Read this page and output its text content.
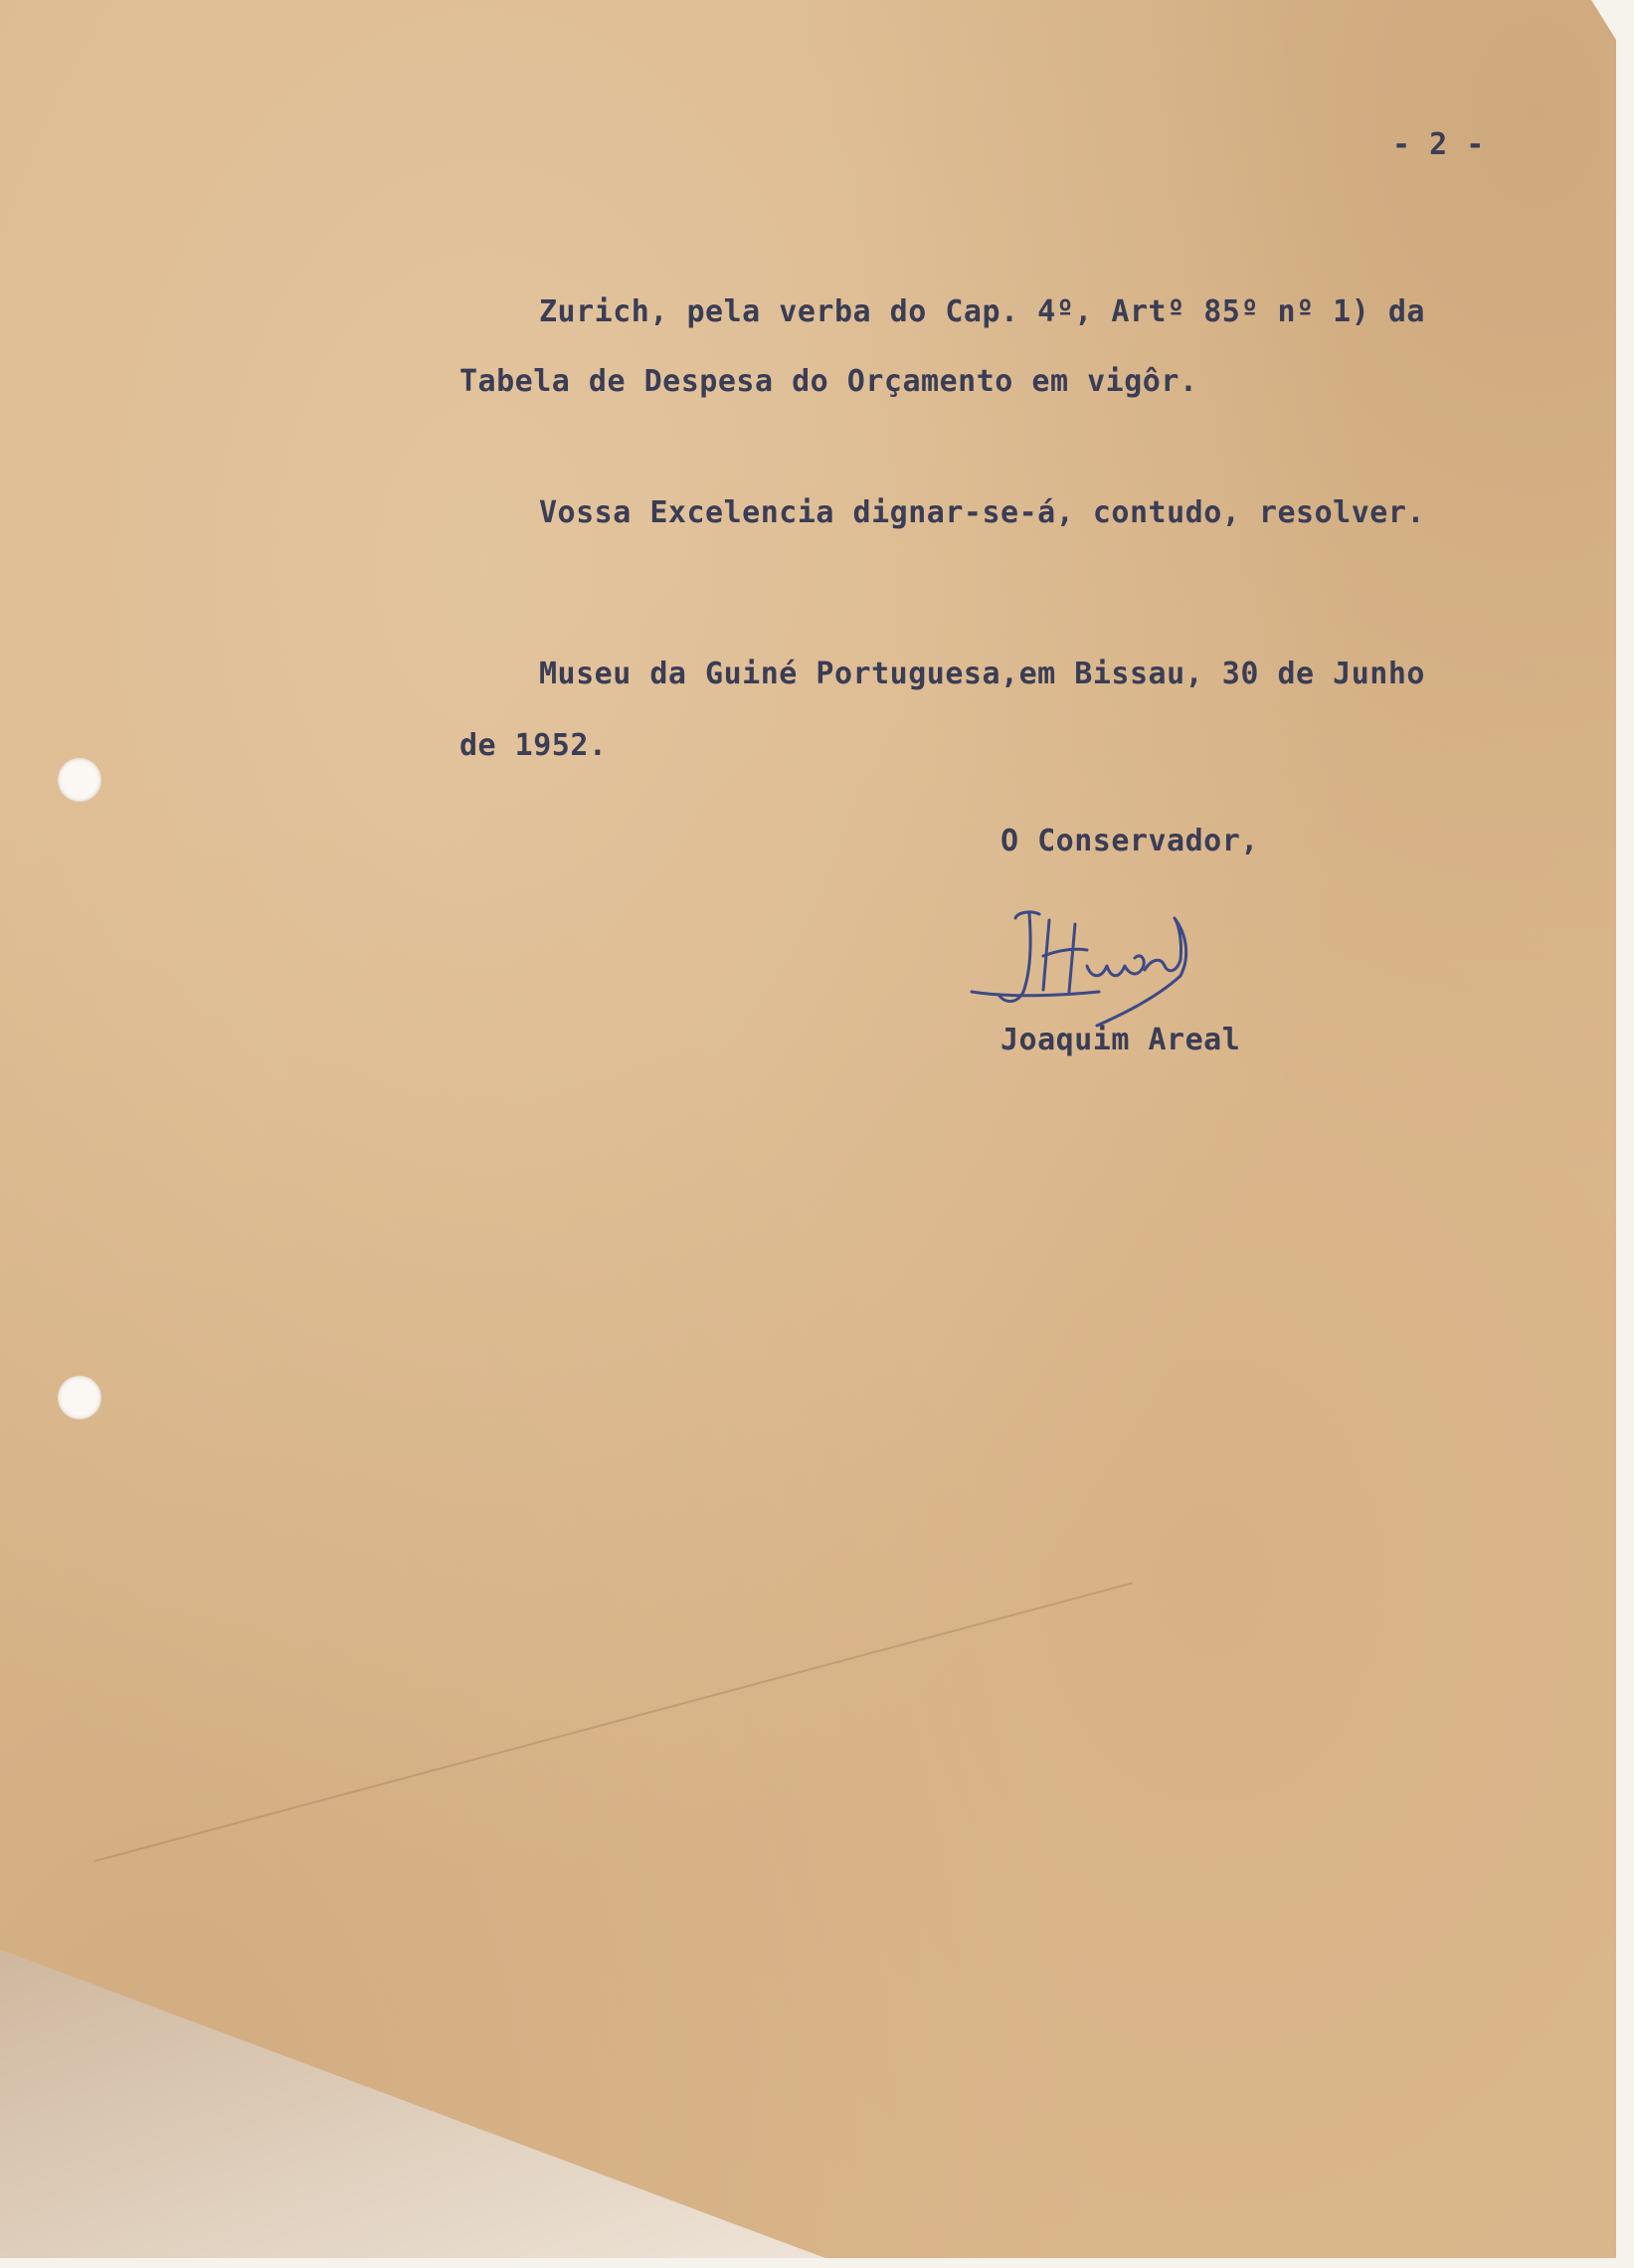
- 2 -
Zurich, pela verba do Cap. 4º, Artº 85º nº 1) da
Tabela de Despesa do Orçamento em vigôr.
Vossa Excelencia dignar-se-á, contudo, resolver.
Museu da Guiné Portuguesa,em Bissau, 30 de Junho
de 1952.
O Conservador,
Joaquim Areal
